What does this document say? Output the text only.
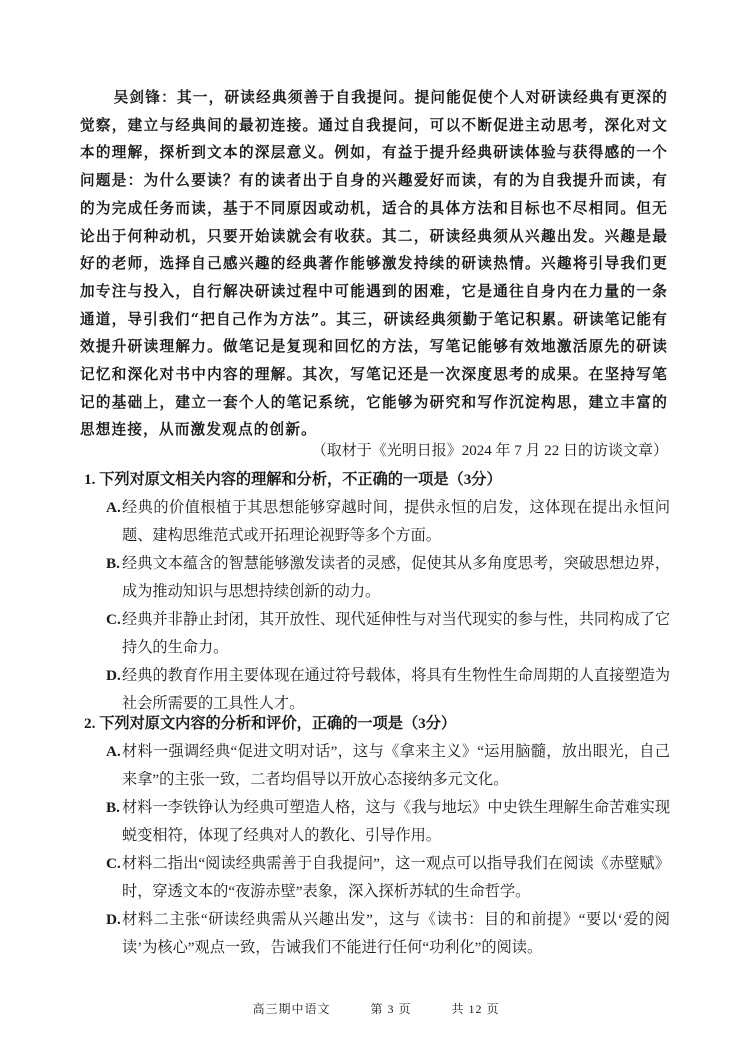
吴剑锋：其一，研读经典须善于自我提问。提问能促使个人对研读经典有更深的觉察，建立与经典间的最初连接。通过自我提问，可以不断促进主动思考，深化对文本的理解，探析到文本的深层意义。例如，有益于提升经典研读体验与获得感的一个问题是：为什么要读？有的读者出于自身的兴趣爱好而读，有的为自我提升而读，有的为完成任务而读，基于不同原因或动机，适合的具体方法和目标也不尽相同。但无论出于何种动机，只要开始读就会有收获。其二，研读经典须从兴趣出发。兴趣是最好的老师，选择自己感兴趣的经典著作能够激发持续的研读热情。兴趣将引导我们更加专注与投入，自行解决研读过程中可能遇到的困难，它是通往自身内在力量的一条通道，导引我们“把自己作为方法”。其三，研读经典须勤于笔记积累。研读笔记能有效提升研读理解力。做笔记是复现和回忆的方法，写笔记能够有效地激活原先的研读记忆和深化对书中内容的理解。其次，写笔记还是一次深度思考的成果。在坚持写笔记的基础上，建立一套个人的笔记系统，它能够为研究和写作沉淀构思，建立丰富的思想连接，从而激发观点的创新。
（取材于《光明日报》2024 年 7 月 22 日的访谈文章）

1. 下列对原文相关内容的理解和分析，不正确的一项是（3分）

A. 经典的价值根植于其思想能够穿越时间，提供永恒的启发，这体现在提出永恒问题、建构思维范式或开拓理论视野等多个方面。

B. 经典文本蕴含的智慧能够激发读者的灵感，促使其从多角度思考，突破思想边界，成为推动知识与思想持续创新的动力。

C. 经典并非静止封闭，其开放性、现代延伸性与对当代现实的参与性，共同构成了它持久的生命力。

D. 经典的教育作用主要体现在通过符号载体，将具有生物性生命周期的人直接塑造为社会所需要的工具性人才。

2. 下列对原文内容的分析和评价，正确的一项是（3分）

A. 材料一强调经典“促进文明对话”，这与《拿来主义》“运用脑髓，放出眼光，自己来拿”的主张一致，二者均倡导以开放心态接纳多元文化。

B. 材料一李铁铮认为经典可塑造人格，这与《我与地坛》中史铁生理解生命苦难实现蜕变相符，体现了经典对人的教化、引导作用。

C. 材料二指出“阅读经典需善于自我提问”，这一观点可以指导我们在阅读《赤壁赋》时，穿透文本的“夜游赤壁”表象，深入探析苏轼的生命哲学。

D. 材料二主张“研读经典需从兴趣出发”，这与《读书：目的和前提》“要以‘爱的阅读’为核心”观点一致，告诫我们不能进行任何“功利化”的阅读。

高三期中语文	第 3 页	共 12 页
